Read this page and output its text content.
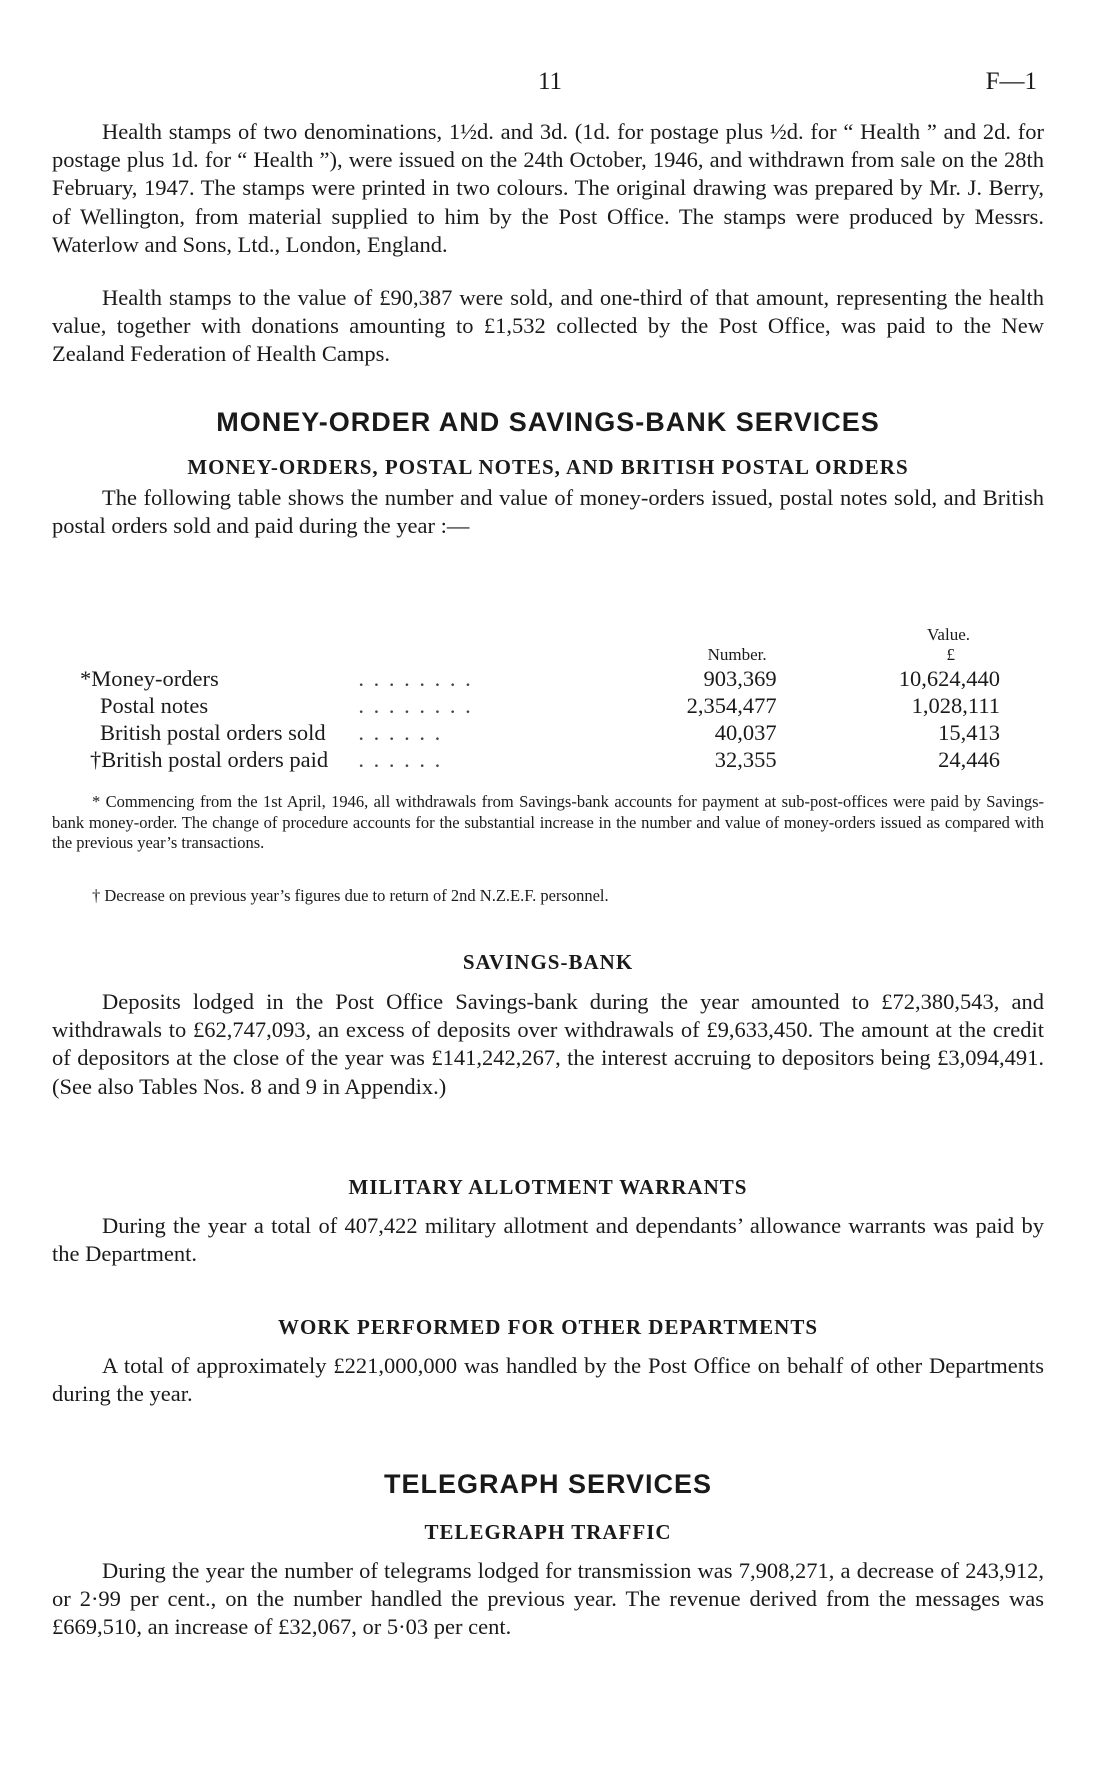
11	F—1

Health stamps of two denominations, 1½d. and 3d. (1d. for postage plus ½d. for “ Health ” and 2d. for postage plus 1d. for “ Health ”), were issued on the 24th October, 1946, and withdrawn from sale on the 28th February, 1947. The stamps were printed in two colours. The original drawing was prepared by Mr. J. Berry, of Wellington, from material supplied to him by the Post Office. The stamps were produced by Messrs. Waterlow and Sons, Ltd., London, England.

Health stamps to the value of £90,387 were sold, and one-third of that amount, representing the health value, together with donations amounting to £1,532 collected by the Post Office, was paid to the New Zealand Federation of Health Camps.

MONEY-ORDER AND SAVINGS-BANK SERVICES
MONEY-ORDERS, POSTAL NOTES, AND BRITISH POSTAL ORDERS

The following table shows the number and value of money-orders issued, postal notes sold, and British postal orders sold and paid during the year :—

			Value.
		Number.	£
*Money-orders	. . . . . . . .	903,369	10,624,440
Postal notes	. . . . . . . .	2,354,477	1,028,111
British postal orders sold	. . . . . .	40,037	15,413
†British postal orders paid	. . . . . .	32,355	24,446

* Commencing from the 1st April, 1946, all withdrawals from Savings-bank accounts for payment at sub-post-offices were paid by Savings-bank money-order. The change of procedure accounts for the substantial increase in the number and value of money-orders issued as compared with the previous year’s transactions.

† Decrease on previous year’s figures due to return of 2nd N.Z.E.F. personnel.

SAVINGS-BANK

Deposits lodged in the Post Office Savings-bank during the year amounted to £72,380,543, and withdrawals to £62,747,093, an excess of deposits over withdrawals of £9,633,450. The amount at the credit of depositors at the close of the year was £141,242,267, the interest accruing to depositors being £3,094,491. (See also Tables Nos. 8 and 9 in Appendix.)

MILITARY ALLOTMENT WARRANTS

During the year a total of 407,422 military allotment and dependants’ allowance warrants was paid by the Department.

WORK PERFORMED FOR OTHER DEPARTMENTS

A total of approximately £221,000,000 was handled by the Post Office on behalf of other Departments during the year.

TELEGRAPH SERVICES
TELEGRAPH TRAFFIC

During the year the number of telegrams lodged for transmission was 7,908,271, a decrease of 243,912, or 2·99 per cent., on the number handled the previous year. The revenue derived from the messages was £669,510, an increase of £32,067, or 5·03 per cent.
